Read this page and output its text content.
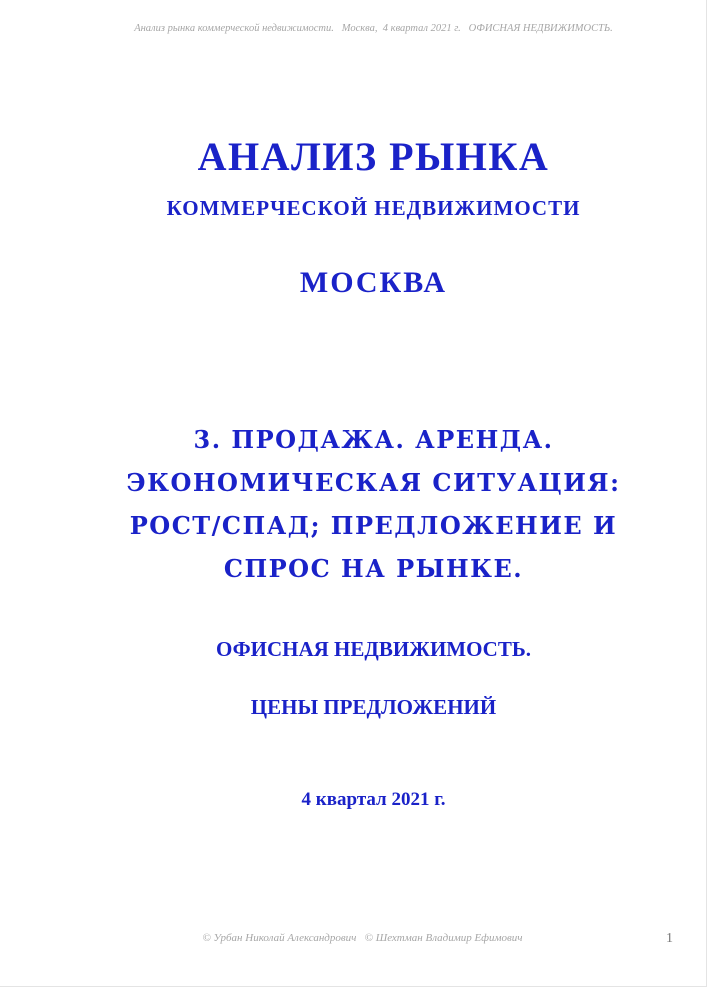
Анализ рынка коммерческой недвижимости.   Москва,  4 квартал 2021 г.   ОФИСНАЯ НЕДВИЖИМОСТЬ.
АНАЛИЗ РЫНКА
КОММЕРЧЕСКОЙ НЕДВИЖИМОСТИ
МОСКВА
3. ПРОДАЖА. АРЕНДА.
ЭКОНОМИЧЕСКАЯ СИТУАЦИЯ:
РОСТ/СПАД; ПРЕДЛОЖЕНИЕ И
СПРОС НА РЫНКЕ.
ОФИСНАЯ НЕДВИЖИМОСТЬ.
ЦЕНЫ ПРЕДЛОЖЕНИЙ
4 квартал 2021 г.
© Урбан Николай Александрович   © Шехтман Владимир Ефимович	1
